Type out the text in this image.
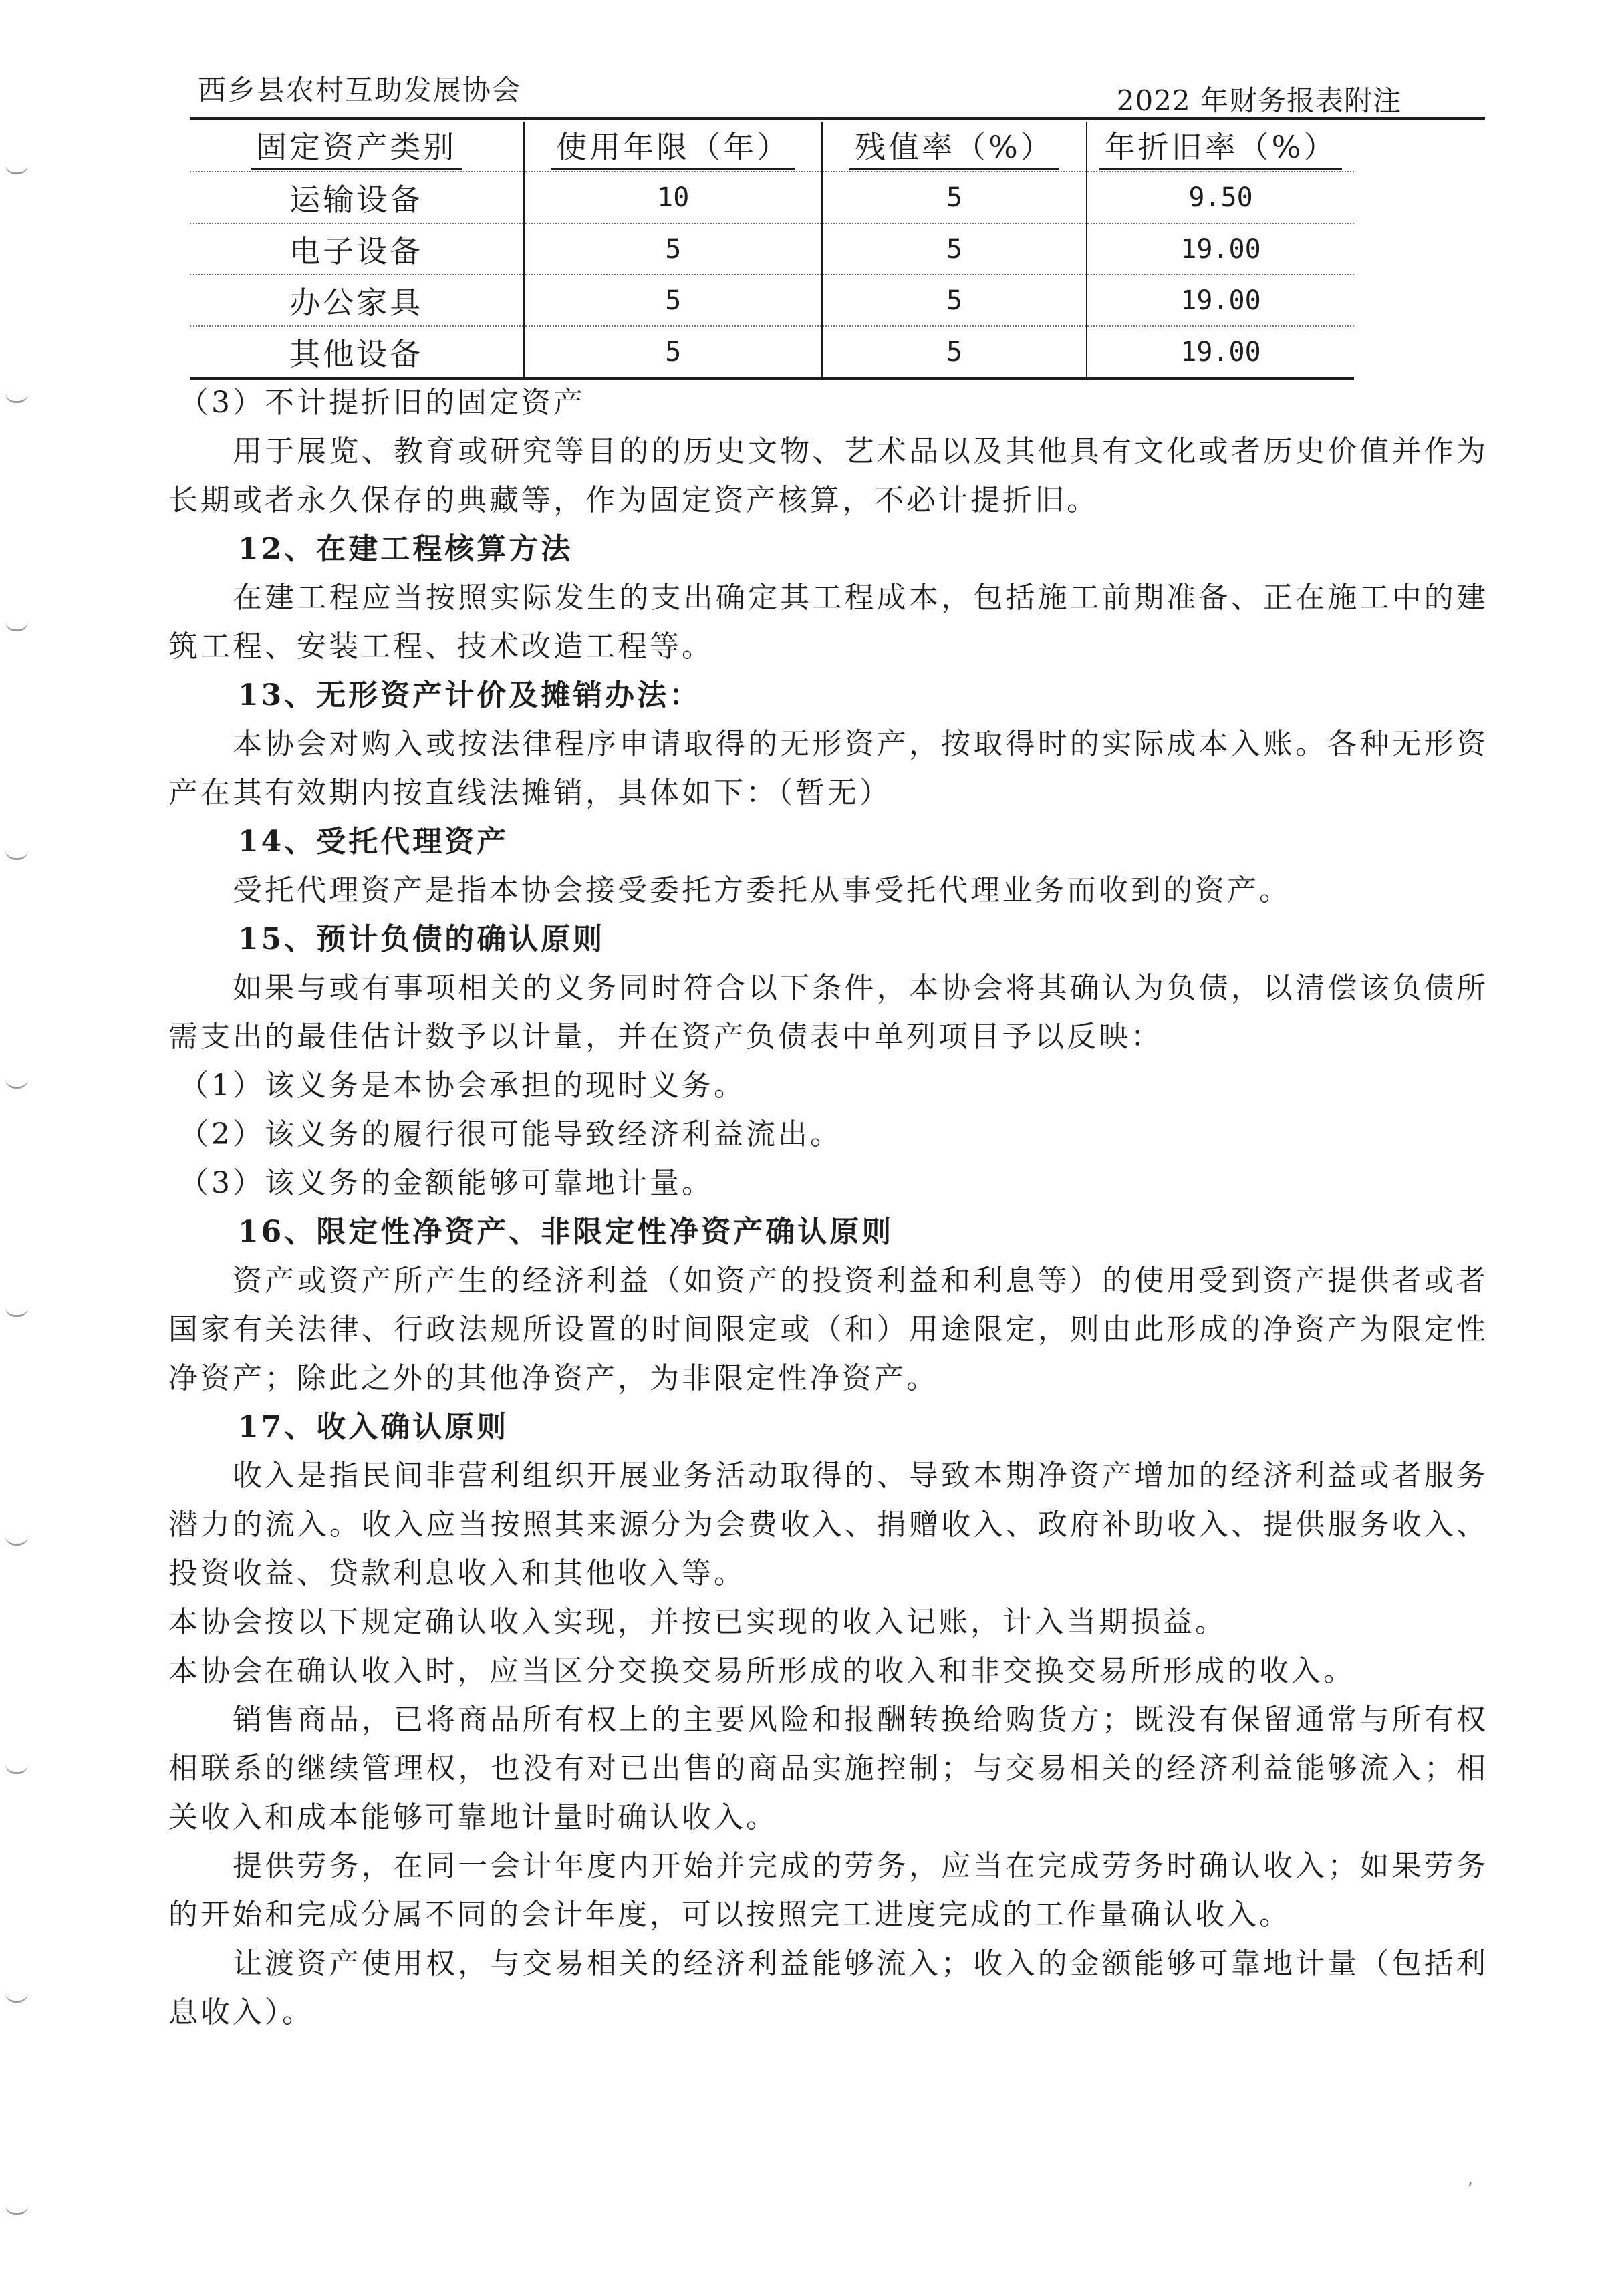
西乡县农村互助发展协会	2022 年财务报表附注
固定资产类别	使用年限（年）	残值率（%）	年折旧率（%）
运输设备	10	5	9.50
电子设备	5	5	19.00
办公家具	5	5	19.00
其他设备	5	5	19.00

（3）不计提折旧的固定资产

用于展览、教育或研究等目的的历史文物、艺术品以及其他具有文化或者历史价值并作为长期或者永久保存的典藏等，作为固定资产核算，不必计提折旧。

12、在建工程核算方法

在建工程应当按照实际发生的支出确定其工程成本，包括施工前期准备、正在施工中的建筑工程、安装工程、技术改造工程等。

13、无形资产计价及摊销办法：

本协会对购入或按法律程序申请取得的无形资产，按取得时的实际成本入账。各种无形资产在其有效期内按直线法摊销，具体如下：（暂无）

14、受托代理资产

受托代理资产是指本协会接受委托方委托从事受托代理业务而收到的资产。

15、预计负债的确认原则

如果与或有事项相关的义务同时符合以下条件，本协会将其确认为负债，以清偿该负债所需支出的最佳估计数予以计量，并在资产负债表中单列项目予以反映：

（1）该义务是本协会承担的现时义务。

（2）该义务的履行很可能导致经济利益流出。

（3）该义务的金额能够可靠地计量。

16、限定性净资产、非限定性净资产确认原则

资产或资产所产生的经济利益（如资产的投资利益和利息等）的使用受到资产提供者或者国家有关法律、行政法规所设置的时间限定或（和）用途限定，则由此形成的净资产为限定性净资产；除此之外的其他净资产，为非限定性净资产。

17、收入确认原则

收入是指民间非营利组织开展业务活动取得的、导致本期净资产增加的经济利益或者服务潜力的流入。收入应当按照其来源分为会费收入、捐赠收入、政府补助收入、提供服务收入、投资收益、贷款利息收入和其他收入等。

本协会按以下规定确认收入实现，并按已实现的收入记账，计入当期损益。

本协会在确认收入时，应当区分交换交易所形成的收入和非交换交易所形成的收入。

销售商品，已将商品所有权上的主要风险和报酬转换给购货方；既没有保留通常与所有权相联系的继续管理权，也没有对已出售的商品实施控制；与交易相关的经济利益能够流入；相关收入和成本能够可靠地计量时确认收入。

提供劳务，在同一会计年度内开始并完成的劳务，应当在完成劳务时确认收入；如果劳务的开始和完成分属不同的会计年度，可以按照完工进度完成的工作量确认收入。

让渡资产使用权，与交易相关的经济利益能够流入；收入的金额能够可靠地计量（包括利息收入）。

ʹ
